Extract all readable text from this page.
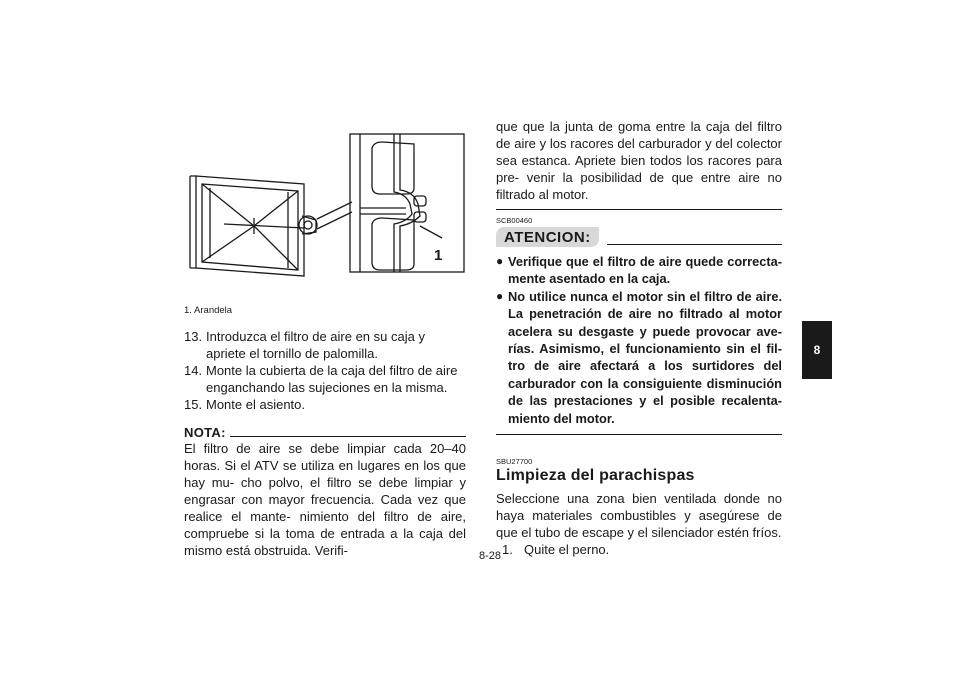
1
1. Arandela
13. Introduzca el filtro de aire en su caja y apriete el tornillo de palomilla.
14. Monte la cubierta de la caja del filtro de aire enganchando las sujeciones en la misma.
15. Monte el asiento.
NOTA:
El filtro de aire se debe limpiar cada 20–40 horas. Si el ATV se utiliza en lugares en los que hay mu- cho polvo, el filtro se debe limpiar y engrasar con mayor frecuencia. Cada vez que realice el mante- nimiento del filtro de aire, compruebe si la toma de entrada a la caja del mismo está obstruida. Verifi-
que que la junta de goma entre la caja del filtro de aire y los racores del carburador y del colector sea estanca. Apriete bien todos los racores para pre- venir la posibilidad de que entre aire no filtrado al motor.
SCB00460
ATENCION:
● Verifique que el filtro de aire quede correcta- mente asentado en la caja.
● No utilice nunca el motor sin el filtro de aire. La penetración de aire no filtrado al motor acelera su desgaste y puede provocar ave- rías. Asimismo, el funcionamiento sin el fil- tro de aire afectará a los surtidores del carburador con la consiguiente disminución de las prestaciones y el posible recalenta- miento del motor.
SBU27700
Limpieza del parachispas
Seleccione una zona bien ventilada donde no haya materiales combustibles y asegúrese de que el tubo de escape y el silenciador estén fríos.
1. Quite el perno.
8-28
8
